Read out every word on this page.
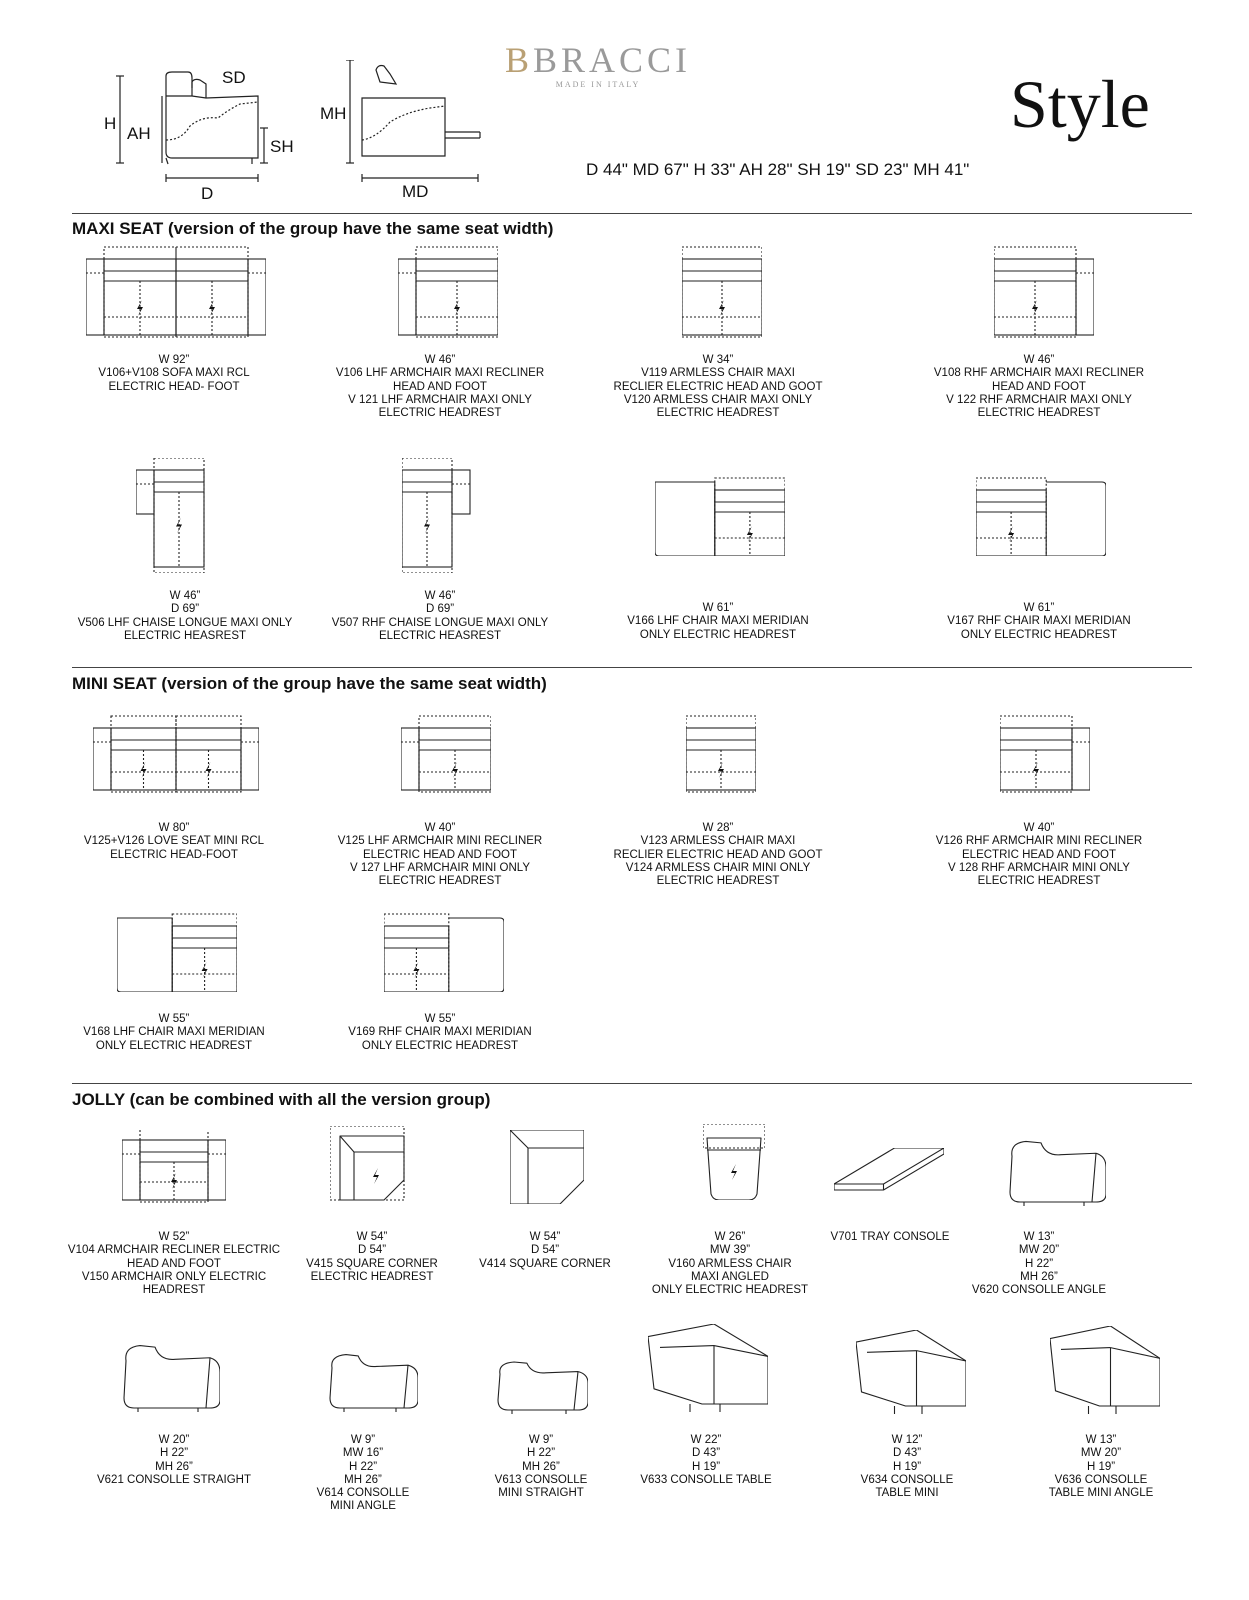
BBRACCI
MADE IN ITALY	Style
D 44" MD 67" H 33" AH 28" SH 19" SD 23" MH 41"
H
AH
SD
SH
D
MH
MD
MAXI SEAT (version of the group have the same seat width)
MINI SEAT (version of the group have the same seat width)
JOLLY (can be combined with all the version group)
W 92”
V106+V108 SOFA MAXI RCL
ELECTRIC HEAD- FOOT
W 46”
V106 LHF ARMCHAIR MAXI RECLINER
HEAD AND FOOT
V 121 LHF ARMCHAIR MAXI ONLY
ELECTRIC HEADREST
W 34”
V119 ARMLESS CHAIR MAXI
RECLIER ELECTRIC HEAD AND GOOT
V120 ARMLESS CHAIR MAXI ONLY
ELECTRIC HEADREST
W 46”
V108 RHF ARMCHAIR MAXI RECLINER
HEAD AND FOOT
V 122 RHF ARMCHAIR MAXI ONLY
ELECTRIC HEADREST
W 46”
D 69”
V506 LHF CHAISE LONGUE MAXI ONLY
ELECTRIC HEASREST
W 46”
D 69”
V507 RHF CHAISE LONGUE MAXI ONLY
ELECTRIC HEASREST
W 61”
V166 LHF CHAIR MAXI MERIDIAN
ONLY ELECTRIC HEADREST
W 61”
V167 RHF CHAIR MAXI MERIDIAN
ONLY ELECTRIC HEADREST
W 80”
V125+V126 LOVE SEAT MINI RCL
ELECTRIC HEAD-FOOT
W 40”
V125 LHF ARMCHAIR MINI RECLINER
ELECTRIC HEAD AND FOOT
V 127 LHF ARMCHAIR MINI ONLY
ELECTRIC HEADREST
W 28”
V123 ARMLESS CHAIR MAXI
RECLIER ELECTRIC HEAD AND GOOT
V124 ARMLESS CHAIR MINI ONLY
ELECTRIC HEADREST
W 40”
V126 RHF ARMCHAIR MINI RECLINER
ELECTRIC HEAD AND FOOT
V 128 RHF ARMCHAIR MINI ONLY
ELECTRIC HEADREST
W 55”
V168 LHF CHAIR MAXI MERIDIAN
ONLY ELECTRIC HEADREST
W 55”
V169 RHF CHAIR MAXI MERIDIAN
ONLY ELECTRIC HEADREST
W 52”
V104 ARMCHAIR RECLINER ELECTRIC
HEAD AND FOOT
V150 ARMCHAIR ONLY ELECTRIC
HEADREST
W 54”
D 54”
V415 SQUARE CORNER
ELECTRIC HEADREST
W 54”
D 54”
V414 SQUARE CORNER
W 26”
MW 39”
V160 ARMLESS CHAIR
MAXI ANGLED
ONLY ELECTRIC HEADREST
V701 TRAY CONSOLE	W 13”
MW 20”
H 22”
MH 26”
V620 CONSOLLE ANGLE
W 20”
H 22”
MH 26”
V621 CONSOLLE STRAIGHT
W 9”
MW 16”
H 22”
MH 26”
V614 CONSOLLE
MINI ANGLE
W 9”
H 22”
MH 26”
V613 CONSOLLE
MINI STRAIGHT
W 22”
D 43”
H 19”
V633 CONSOLLE TABLE
W 12”
D 43”
H 19”
V634 CONSOLLE
TABLE MINI
W 13”
MW 20”
H 19”
V636 CONSOLLE
TABLE MINI ANGLE
